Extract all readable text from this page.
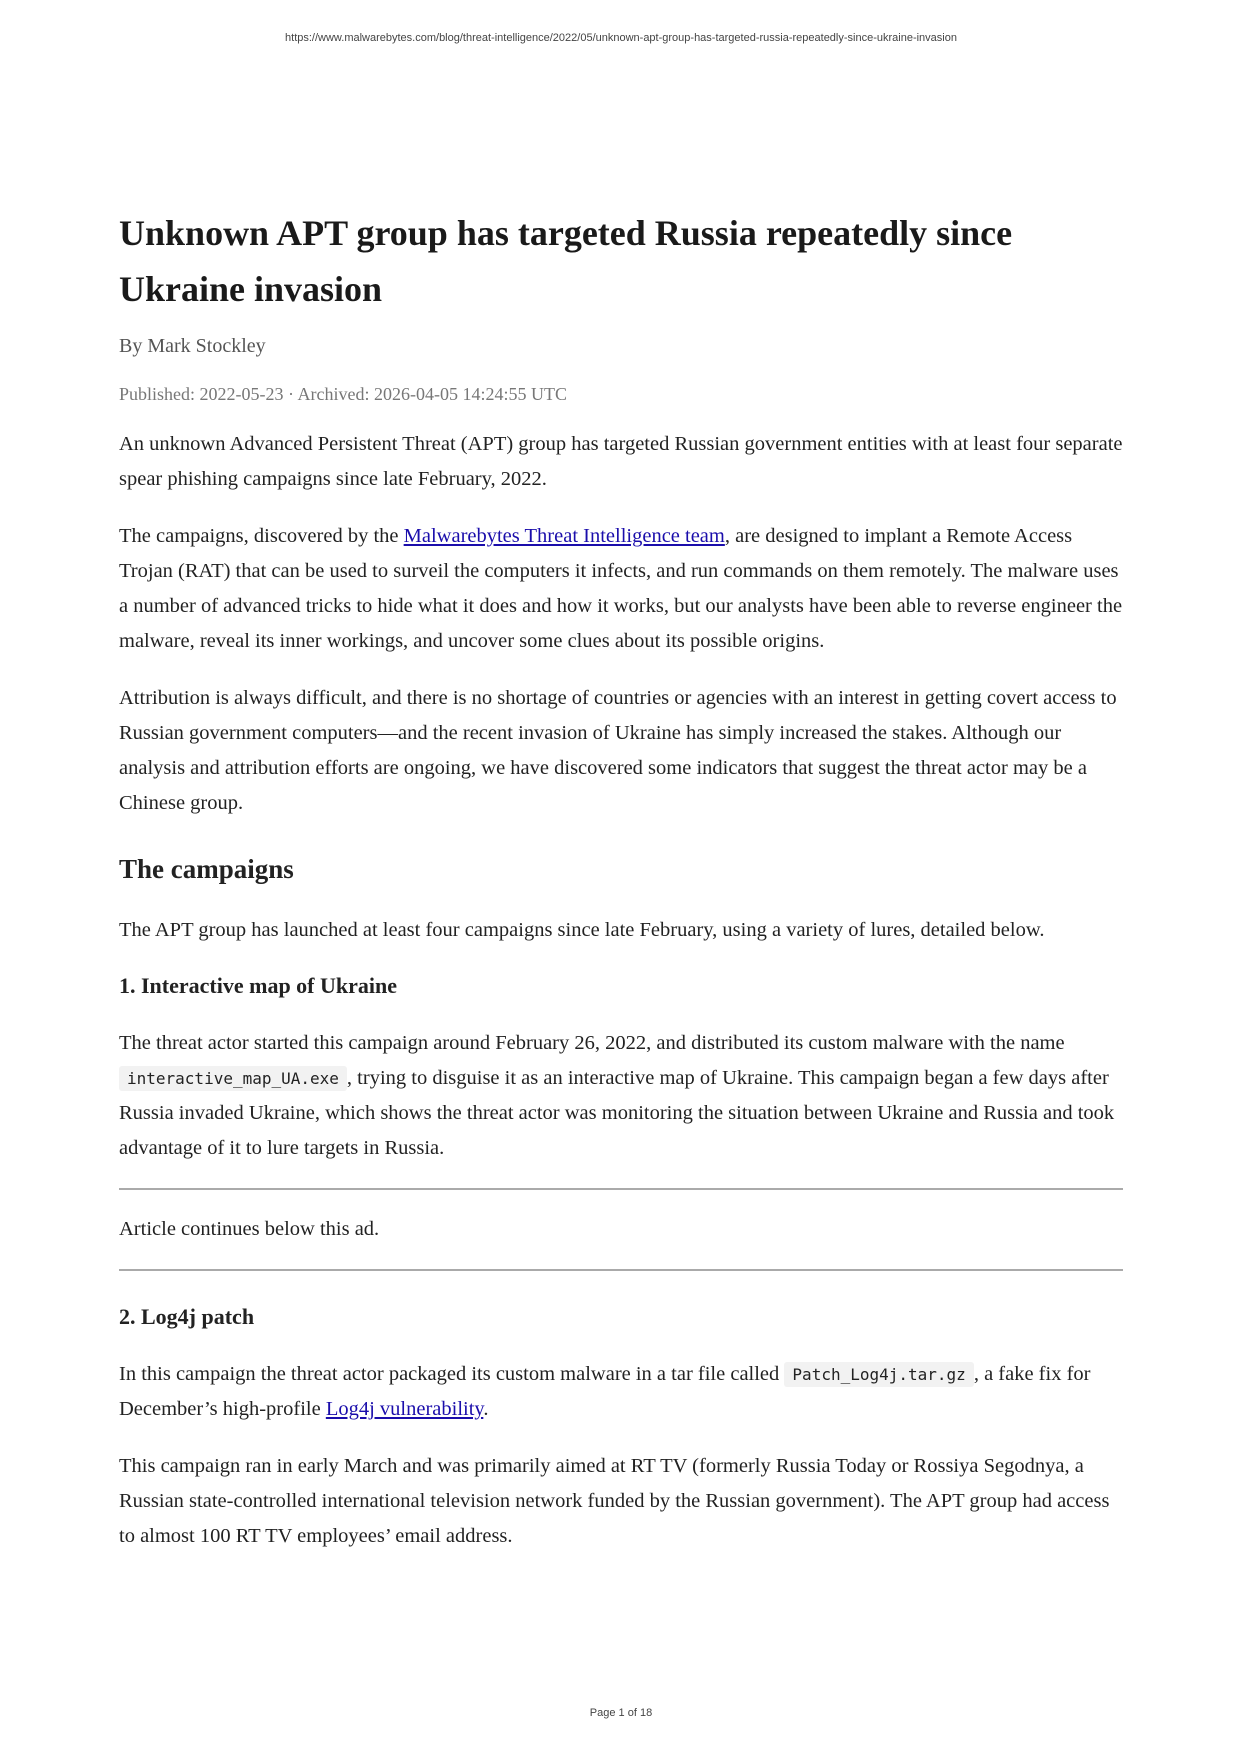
https://www.malwarebytes.com/blog/threat-intelligence/2022/05/unknown-apt-group-has-targeted-russia-repeatedly-since-ukraine-invasion
Unknown APT group has targeted Russia repeatedly since Ukraine invasion
By Mark Stockley
Published: 2022-05-23 · Archived: 2026-04-05 14:24:55 UTC

An unknown Advanced Persistent Threat (APT) group has targeted Russian government entities with at least four separate spear phishing campaigns since late February, 2022.

The campaigns, discovered by the Malwarebytes Threat Intelligence team, are designed to implant a Remote Access Trojan (RAT) that can be used to surveil the computers it infects, and run commands on them remotely. The malware uses a number of advanced tricks to hide what it does and how it works, but our analysts have been able to reverse engineer the malware, reveal its inner workings, and uncover some clues about its possible origins.

Attribution is always difficult, and there is no shortage of countries or agencies with an interest in getting covert access to Russian government computers—and the recent invasion of Ukraine has simply increased the stakes. Although our analysis and attribution efforts are ongoing, we have discovered some indicators that suggest the threat actor may be a Chinese group.

The campaigns

The APT group has launched at least four campaigns since late February, using a variety of lures, detailed below.

1. Interactive map of Ukraine

The threat actor started this campaign around February 26, 2022, and distributed its custom malware with the name interactive_map_UA.exe , trying to disguise it as an interactive map of Ukraine. This campaign began a few days after Russia invaded Ukraine, which shows the threat actor was monitoring the situation between Ukraine and Russia and took advantage of it to lure targets in Russia.

Article continues below this ad.

2. Log4j patch

In this campaign the threat actor packaged its custom malware in a tar file called Patch_Log4j.tar.gz , a fake fix for December’s high-profile Log4j vulnerability.

This campaign ran in early March and was primarily aimed at RT TV (formerly Russia Today or Rossiya Segodnya, a Russian state-controlled international television network funded by the Russian government). The APT group had access to almost 100 RT TV employees’ email address.

Page 1 of 18
